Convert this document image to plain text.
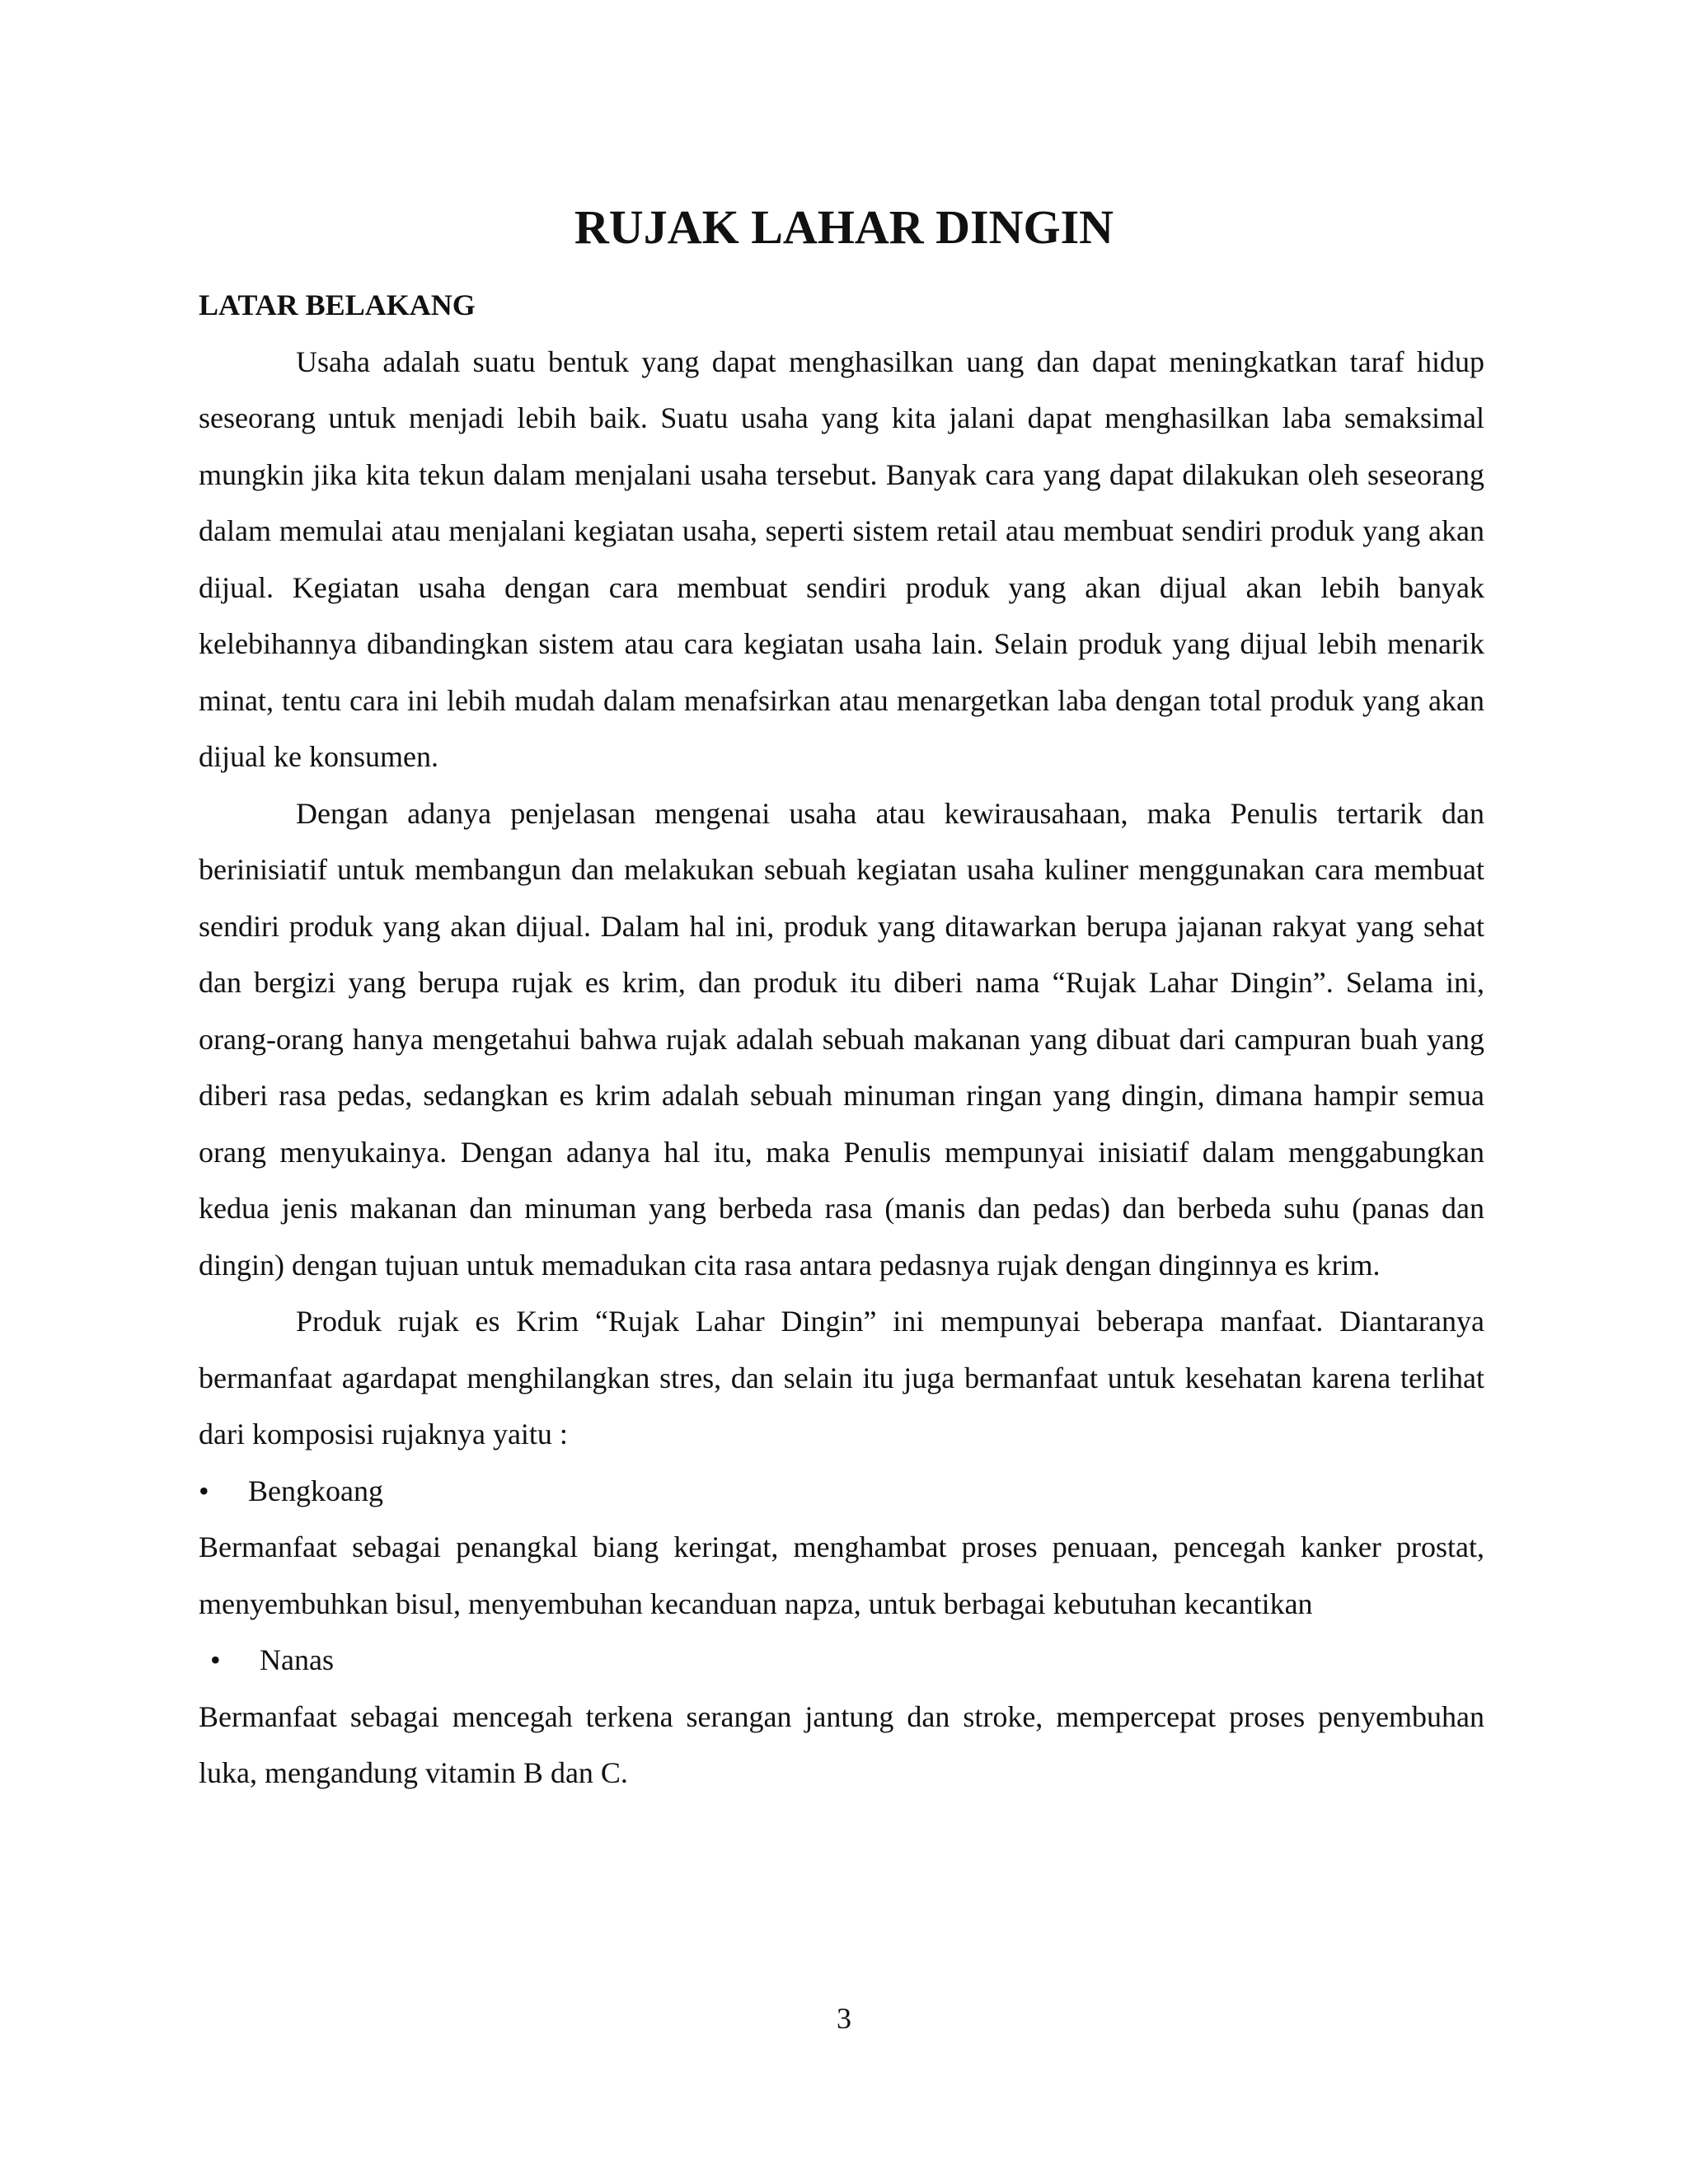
RUJAK LAHAR DINGIN

LATAR BELAKANG

Usaha adalah suatu bentuk yang dapat menghasilkan uang dan dapat meningkatkan taraf hidup seseorang untuk menjadi lebih baik. Suatu usaha yang kita jalani dapat menghasilkan laba semaksimal mungkin jika kita tekun dalam menjalani usaha tersebut. Banyak cara yang dapat dilakukan oleh seseorang dalam memulai atau menjalani kegiatan usaha, seperti sistem retail atau membuat sendiri produk yang akan dijual. Kegiatan usaha dengan cara membuat sendiri produk yang akan dijual akan lebih banyak kelebihannya dibandingkan sistem atau cara kegiatan usaha lain. Selain produk yang dijual lebih menarik minat, tentu cara ini lebih mudah dalam menafsirkan atau menargetkan laba dengan total produk yang akan dijual ke konsumen.

Dengan adanya penjelasan mengenai usaha atau kewirausahaan, maka Penulis tertarik dan berinisiatif untuk membangun dan melakukan sebuah kegiatan usaha kuliner menggunakan cara membuat sendiri produk yang akan dijual. Dalam hal ini, produk yang ditawarkan berupa jajanan rakyat yang sehat dan bergizi yang berupa rujak es krim, dan produk itu diberi nama “Rujak Lahar Dingin”. Selama ini, orang-orang hanya mengetahui bahwa rujak adalah sebuah makanan yang dibuat dari campuran buah yang diberi rasa pedas, sedangkan es krim adalah sebuah minuman ringan yang dingin, dimana hampir semua orang menyukainya. Dengan adanya hal itu, maka Penulis mempunyai inisiatif dalam menggabungkan kedua jenis makanan dan minuman yang berbeda rasa (manis dan pedas) dan berbeda suhu (panas dan dingin) dengan tujuan untuk memadukan cita rasa antara pedasnya rujak dengan dinginnya es krim.

Produk rujak es Krim “Rujak Lahar Dingin” ini mempunyai beberapa manfaat. Diantaranya bermanfaat agardapat menghilangkan stres, dan selain itu juga bermanfaat untuk kesehatan karena terlihat dari komposisi rujaknya yaitu :

•	Bengkoang

Bermanfaat sebagai penangkal biang keringat, menghambat proses penuaan, pencegah kanker prostat, menyembuhkan bisul, menyembuhan kecanduan napza, untuk berbagai kebutuhan kecantikan

•	Nanas

Bermanfaat sebagai mencegah terkena serangan jantung dan stroke, mempercepat proses penyembuhan luka, mengandung vitamin B dan C.

3
